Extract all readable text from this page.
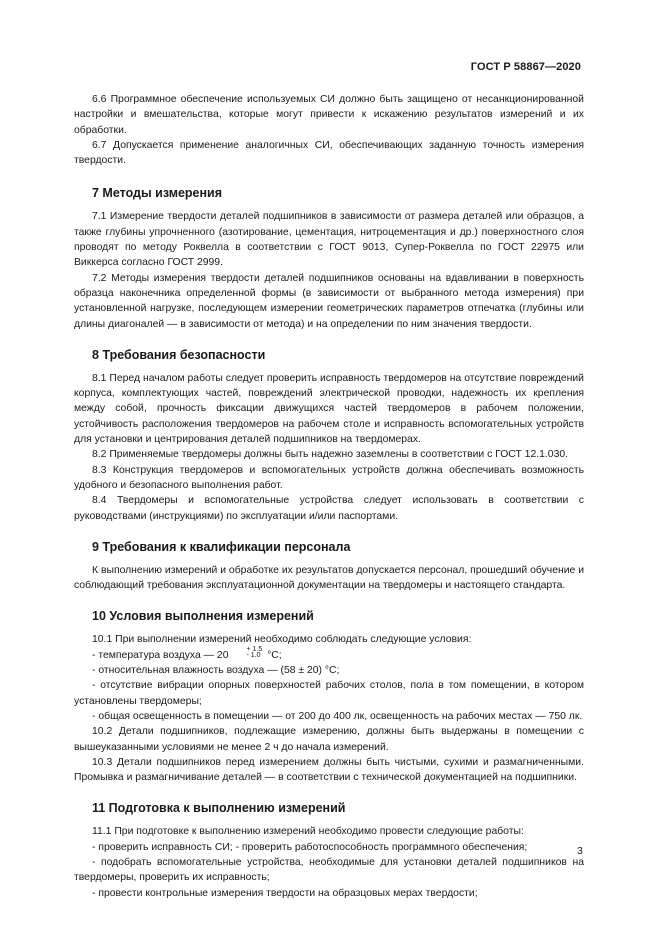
ГОСТ Р 58867—2020

6.6 Программное обеспечение используемых СИ должно быть защищено от несанкционированной настройки и вмешательства, которые могут привести к искажению результатов измерений и их обработки.

6.7 Допускается применение аналогичных СИ, обеспечивающих заданную точность измерения твердости.

7 Методы измерения

7.1 Измерение твердости деталей подшипников в зависимости от размера деталей или образцов, а также глубины упрочненного (азотирование, цементация, нитроцементация и др.) поверхностного слоя проводят по методу Роквелла в соответствии с ГОСТ 9013, Супер-Роквелла по ГОСТ 22975 или Виккерса согласно ГОСТ 2999.

7.2 Методы измерения твердости деталей подшипников основаны на вдавливании в поверхность образца наконечника определенной формы (в зависимости от выбранного метода измерения) при установленной нагрузке, последующем измерении геометрических параметров отпечатка (глубины или длины диагоналей — в зависимости от метода) и на определении по ним значения твердости.

8 Требования безопасности

8.1 Перед началом работы следует проверить исправность твердомеров на отсутствие повреждений корпуса, комплектующих частей, повреждений электрической проводки, надежность их крепления между собой, прочность фиксации движущихся частей твердомеров в рабочем положении, устойчивость расположения твердомеров на рабочем столе и исправность вспомогательных устройств для установки и центрирования деталей подшипников на твердомерах.

8.2 Применяемые твердомеры должны быть надежно заземлены в соответствии с ГОСТ 12.1.030.

8.3 Конструкция твердомеров и вспомогательных устройств должна обеспечивать возможность удобного и безопасного выполнения работ.

8.4 Твердомеры и вспомогательные устройства следует использовать в соответствии с руководствами (инструкциями) по эксплуатации и/или паспортами.

9 Требования к квалификации персонала

К выполнению измерений и обработке их результатов допускается персонал, прошедший обучение и соблюдающий требования эксплуатационной документации на твердомеры и настоящего стандарта.

10 Условия выполнения измерений

10.1 При выполнении измерений необходимо соблюдать следующие условия:

- температура воздуха — 20
+ 1.5
- 1.0 °С;

- относительная влажность воздуха — (58 ± 20) °С;

- отсутствие вибрации опорных поверхностей рабочих столов, пола в том помещении, в котором установлены твердомеры;

- общая освещенность в помещении — от 200 до 400 лк, освещенность на рабочих местах — 750 лк.

10.2 Детали подшипников, подлежащие измерению, должны быть выдержаны в помещении с вышеуказанными условиями не менее 2 ч до начала измерений.

10.3 Детали подшипников перед измерением должны быть чистыми, сухими и размагниченными. Промывка и размагничивание деталей — в соответствии с технической документацией на подшипники.

11 Подготовка к выполнению измерений

11.1 При подготовке к выполнению измерений необходимо провести следующие работы:

- проверить исправность СИ; - проверить работоспособность программного обеспечения;

- подобрать вспомогательные устройства, необходимые для установки деталей подшипников на твердомеры, проверить их исправность;

- провести контрольные измерения твердости на образцовых мерах твердости;

3
